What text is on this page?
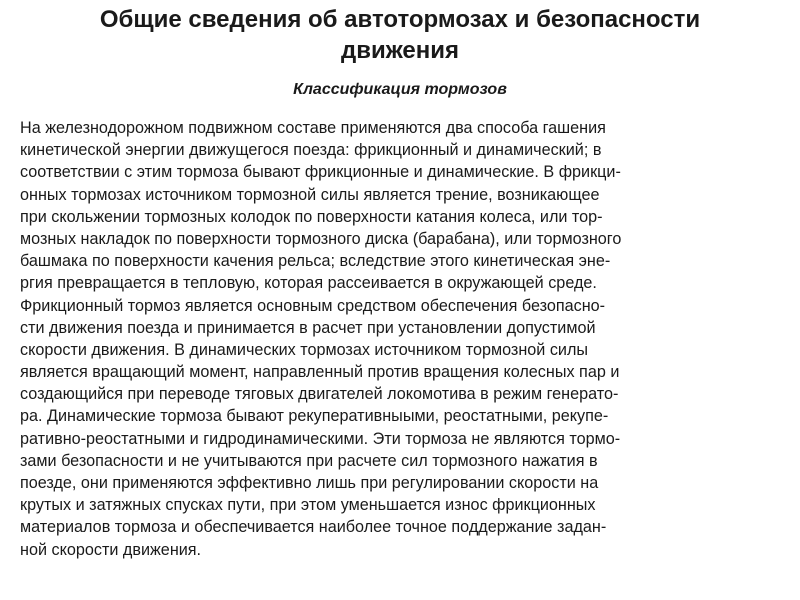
Общие сведения об автотормозах и безопасности
движения
Классификация тормозов
На железнодорожном подвижном составе применяются два способа гашения
кинетической энергии движущегося поезда: фрикционный и динамический; в
соответствии с этим тормоза бывают фрикционные и динамические. В фрикци-
онных тормозах источником тормозной силы является трение, возникающее
при скольжении тормозных колодок по поверхности катания колеса, или тор-
мозных накладок по поверхности тормозного диска (барабана), или тормозного
башмака по поверхности качения рельса; вследствие этого кинетическая эне-
ргия превращается в тепловую, которая рассеивается в окружающей среде.
Фрикционный тормоз является основным средством обеспечения безопасно-
сти движения поезда и принимается в расчет при установлении допустимой
скорости движения. В динамических тормозах источником тормозной силы
является вращающий момент, направленный против вращения колесных пар и
создающийся при переводе тяговых двигателей локомотива в режим генерато-
ра. Динамические тормоза бывают рекуперативныыми, реостатными, рекупе-
ративно-реостатными и гидродинамическими. Эти тормоза не являются тормо-
зами безопасности и не учитываются при расчете сил тормозного нажатия в
поезде, они применяются эффективно лишь при регулировании скорости на
крутых и затяжных спусках пути, при этом уменьшается износ фрикционных
материалов тормоза и обеспечивается наиболее точное поддержание задан-
ной скорости движения.
